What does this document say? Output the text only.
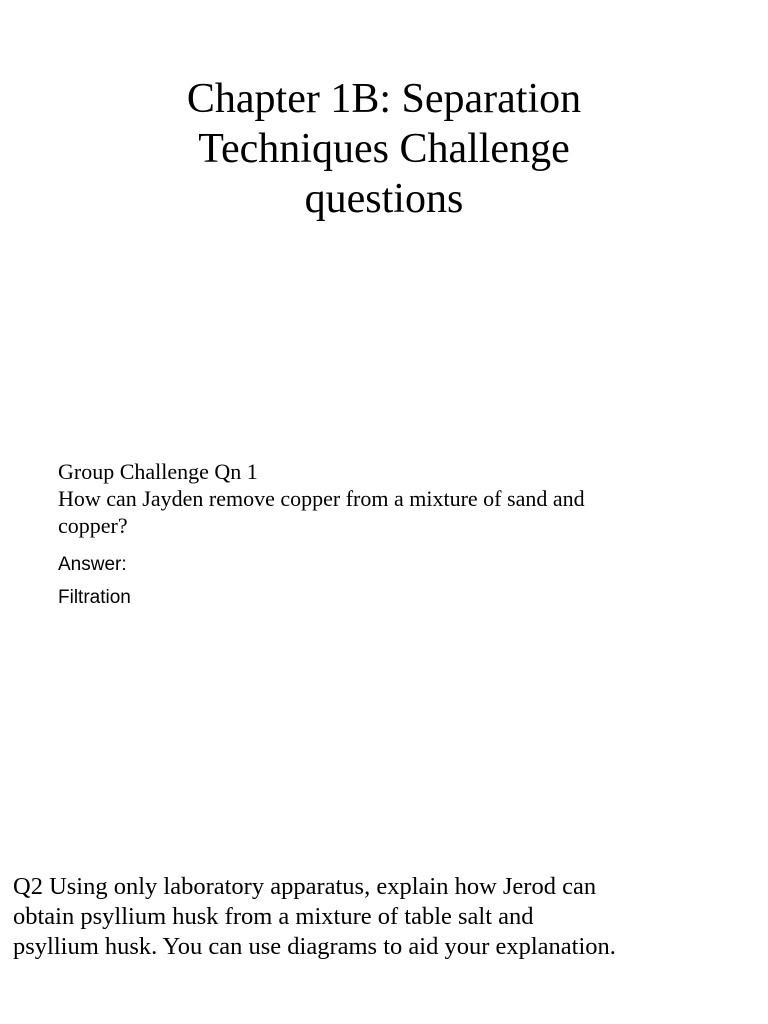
Chapter 1B: Separation
Techniques Challenge
questions
Group Challenge Qn 1
How can Jayden remove copper from a mixture of sand and
copper?
Answer:
Filtration
Q2 Using only laboratory apparatus, explain how Jerod can
obtain psyllium husk from a mixture of table salt and
psyllium husk. You can use diagrams to aid your explanation.
